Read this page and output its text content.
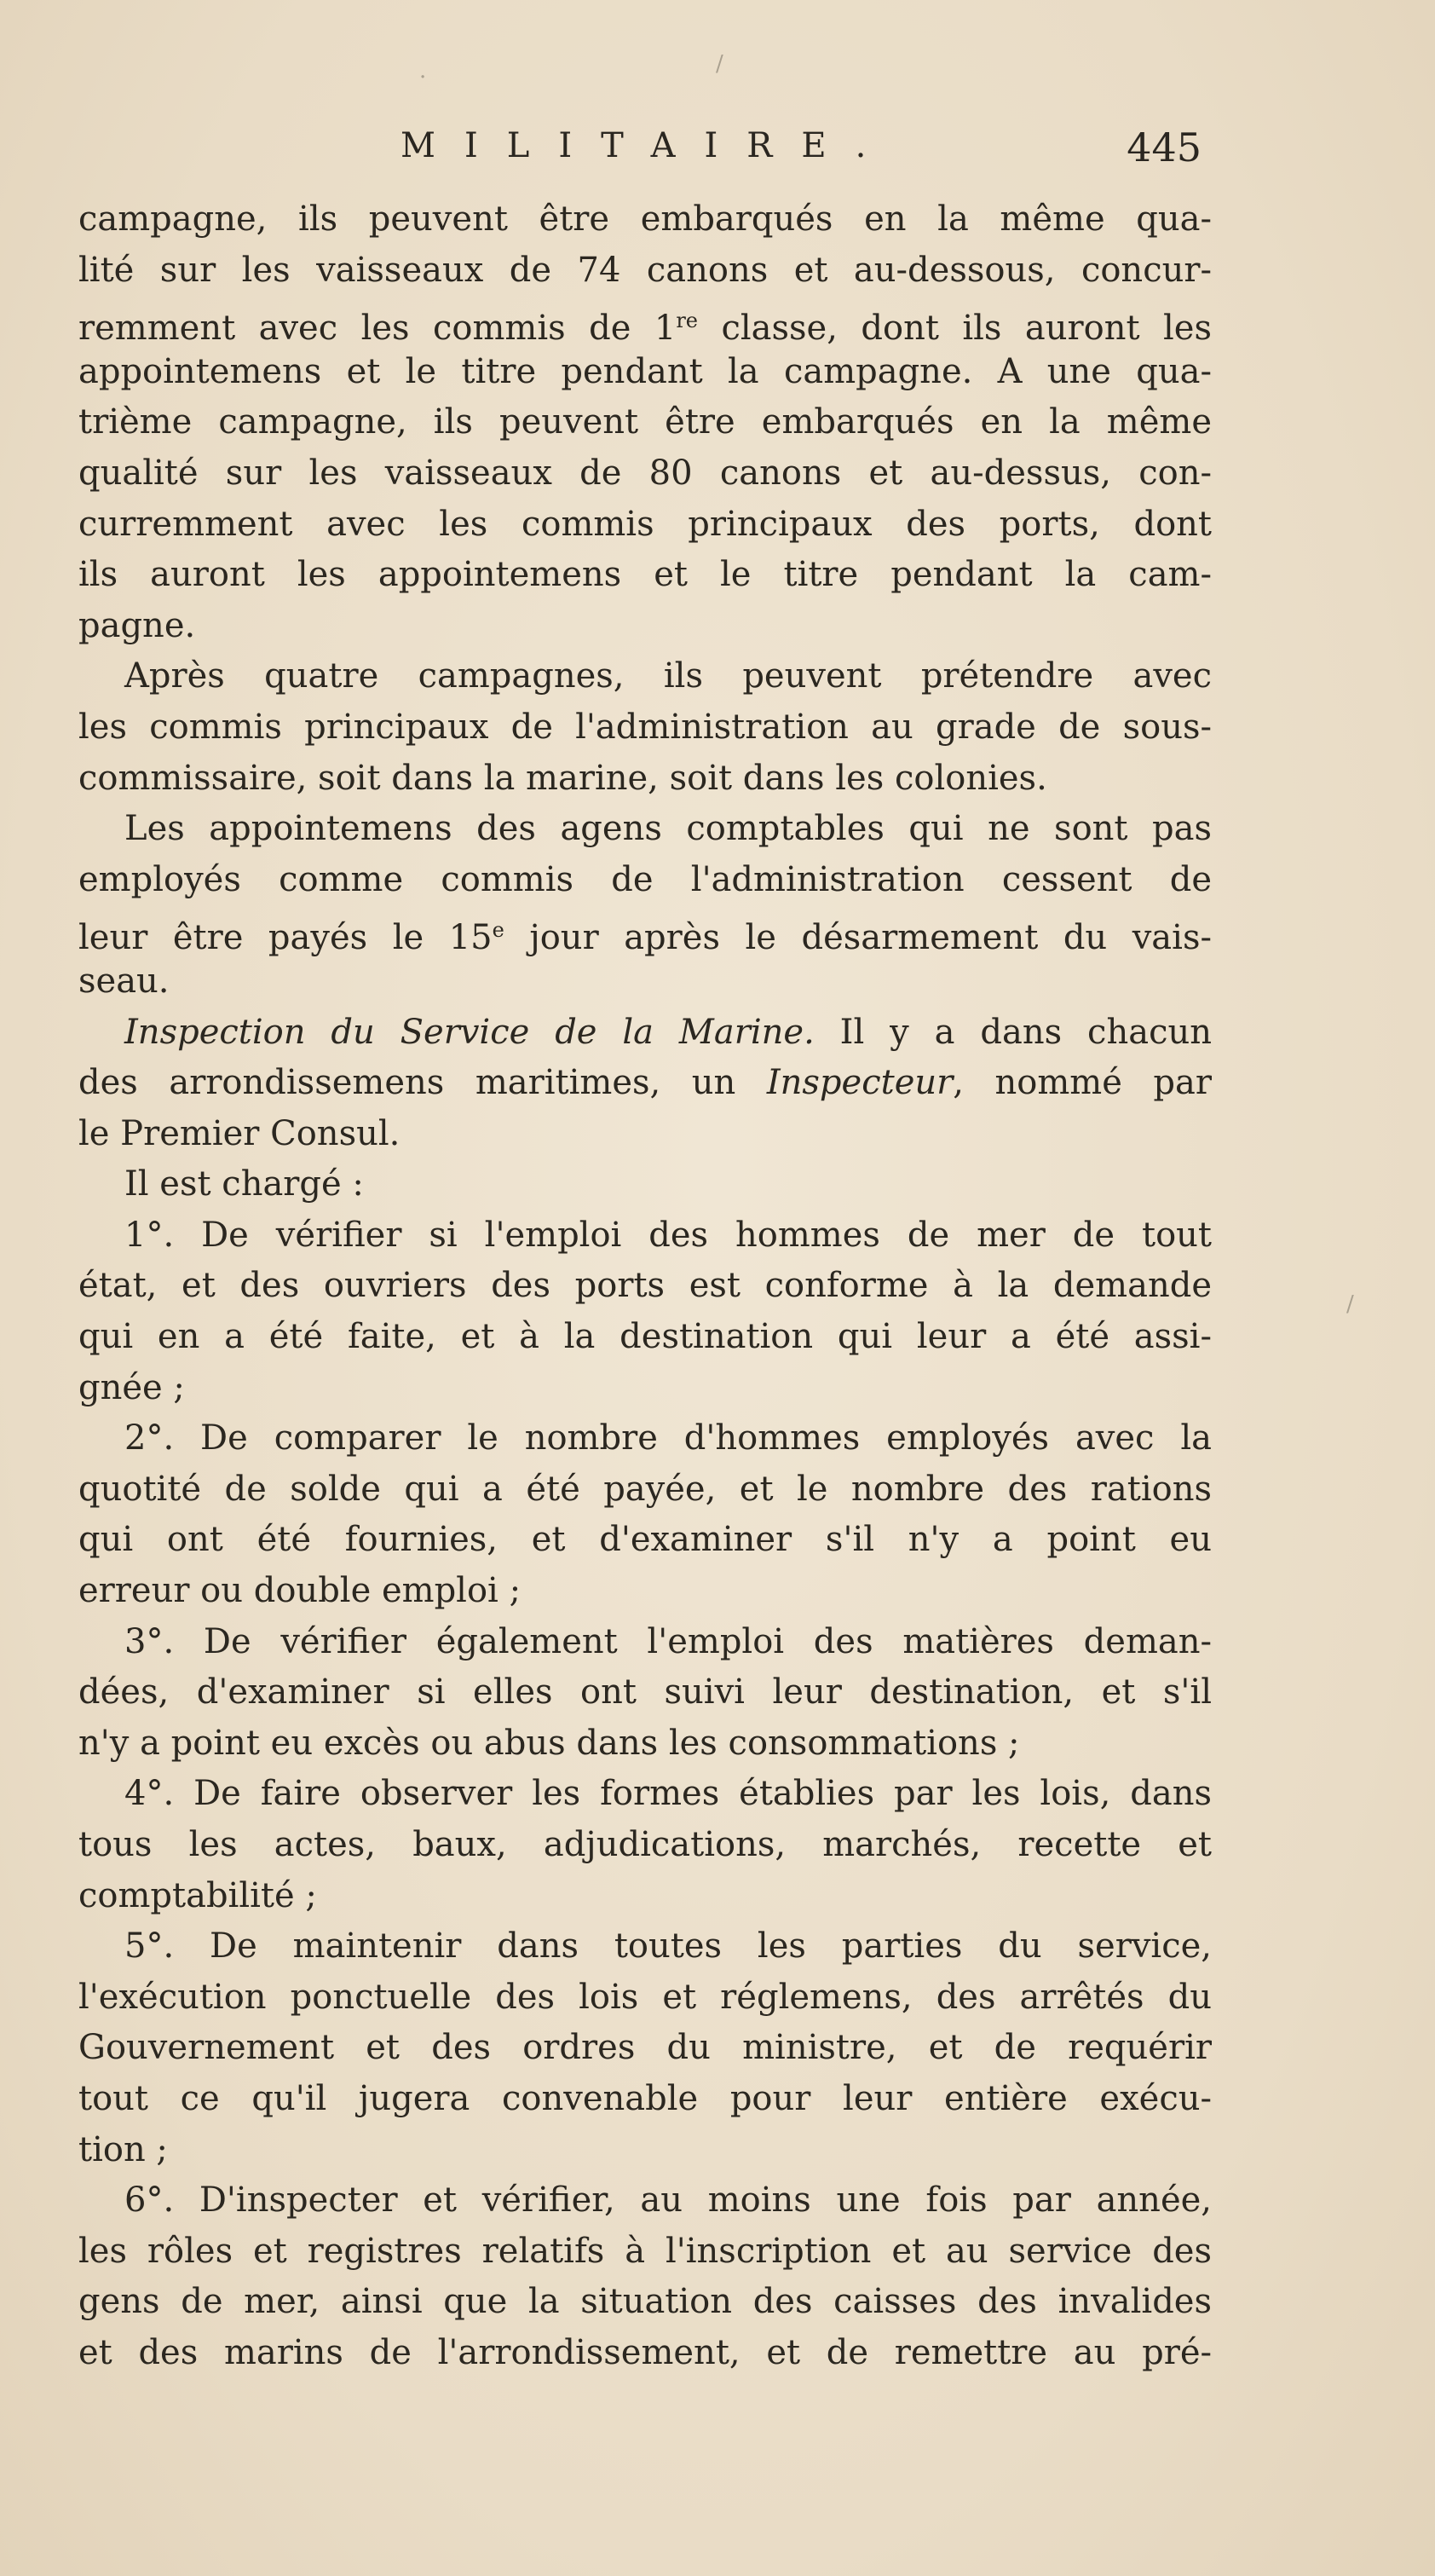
MILITAIRE.	445
campagne, ils peuvent être embarqués en la même qua-
lité sur les vaisseaux de 74 canons et au-dessous, concur-
remment avec les commis de 1re classe, dont ils auront les
appointemens et le titre pendant la campagne. A une qua-
trième campagne, ils peuvent être embarqués en la même
qualité sur les vaisseaux de 80 canons et au-dessus, con-
curremment avec les commis principaux des ports, dont
ils auront les appointemens et le titre pendant la cam-
pagne.
Après quatre campagnes, ils peuvent prétendre avec
les commis principaux de l'administration au grade de sous-
commissaire, soit dans la marine, soit dans les colonies.
Les appointemens des agens comptables qui ne sont pas
employés comme commis de l'administration cessent de
leur être payés le 15e jour après le désarmement du vais-
seau.
Inspection du Service de la Marine. Il y a dans chacun
des arrondissemens maritimes, un Inspecteur, nommé par
le Premier Consul.
Il est chargé :
1°. De vérifier si l'emploi des hommes de mer de tout
état, et des ouvriers des ports est conforme à la demande
qui en a été faite, et à la destination qui leur a été assi-
gnée ;
2°. De comparer le nombre d'hommes employés avec la
quotité de solde qui a été payée, et le nombre des rations
qui ont été fournies, et d'examiner s'il n'y a point eu
erreur ou double emploi ;
3°. De vérifier également l'emploi des matières deman-
dées, d'examiner si elles ont suivi leur destination, et s'il
n'y a point eu excès ou abus dans les consommations ;
4°. De faire observer les formes établies par les lois, dans
tous les actes, baux, adjudications, marchés, recette et
comptabilité ;
5°. De maintenir dans toutes les parties du service,
l'exécution ponctuelle des lois et réglemens, des arrêtés du
Gouvernement et des ordres du ministre, et de requérir
tout ce qu'il jugera convenable pour leur entière exécu-
tion ;
6°. D'inspecter et vérifier, au moins une fois par année,
les rôles et registres relatifs à l'inscription et au service des
gens de mer, ainsi que la situation des caisses des invalides
et des marins de l'arrondissement, et de remettre au pré-
·
/
/
